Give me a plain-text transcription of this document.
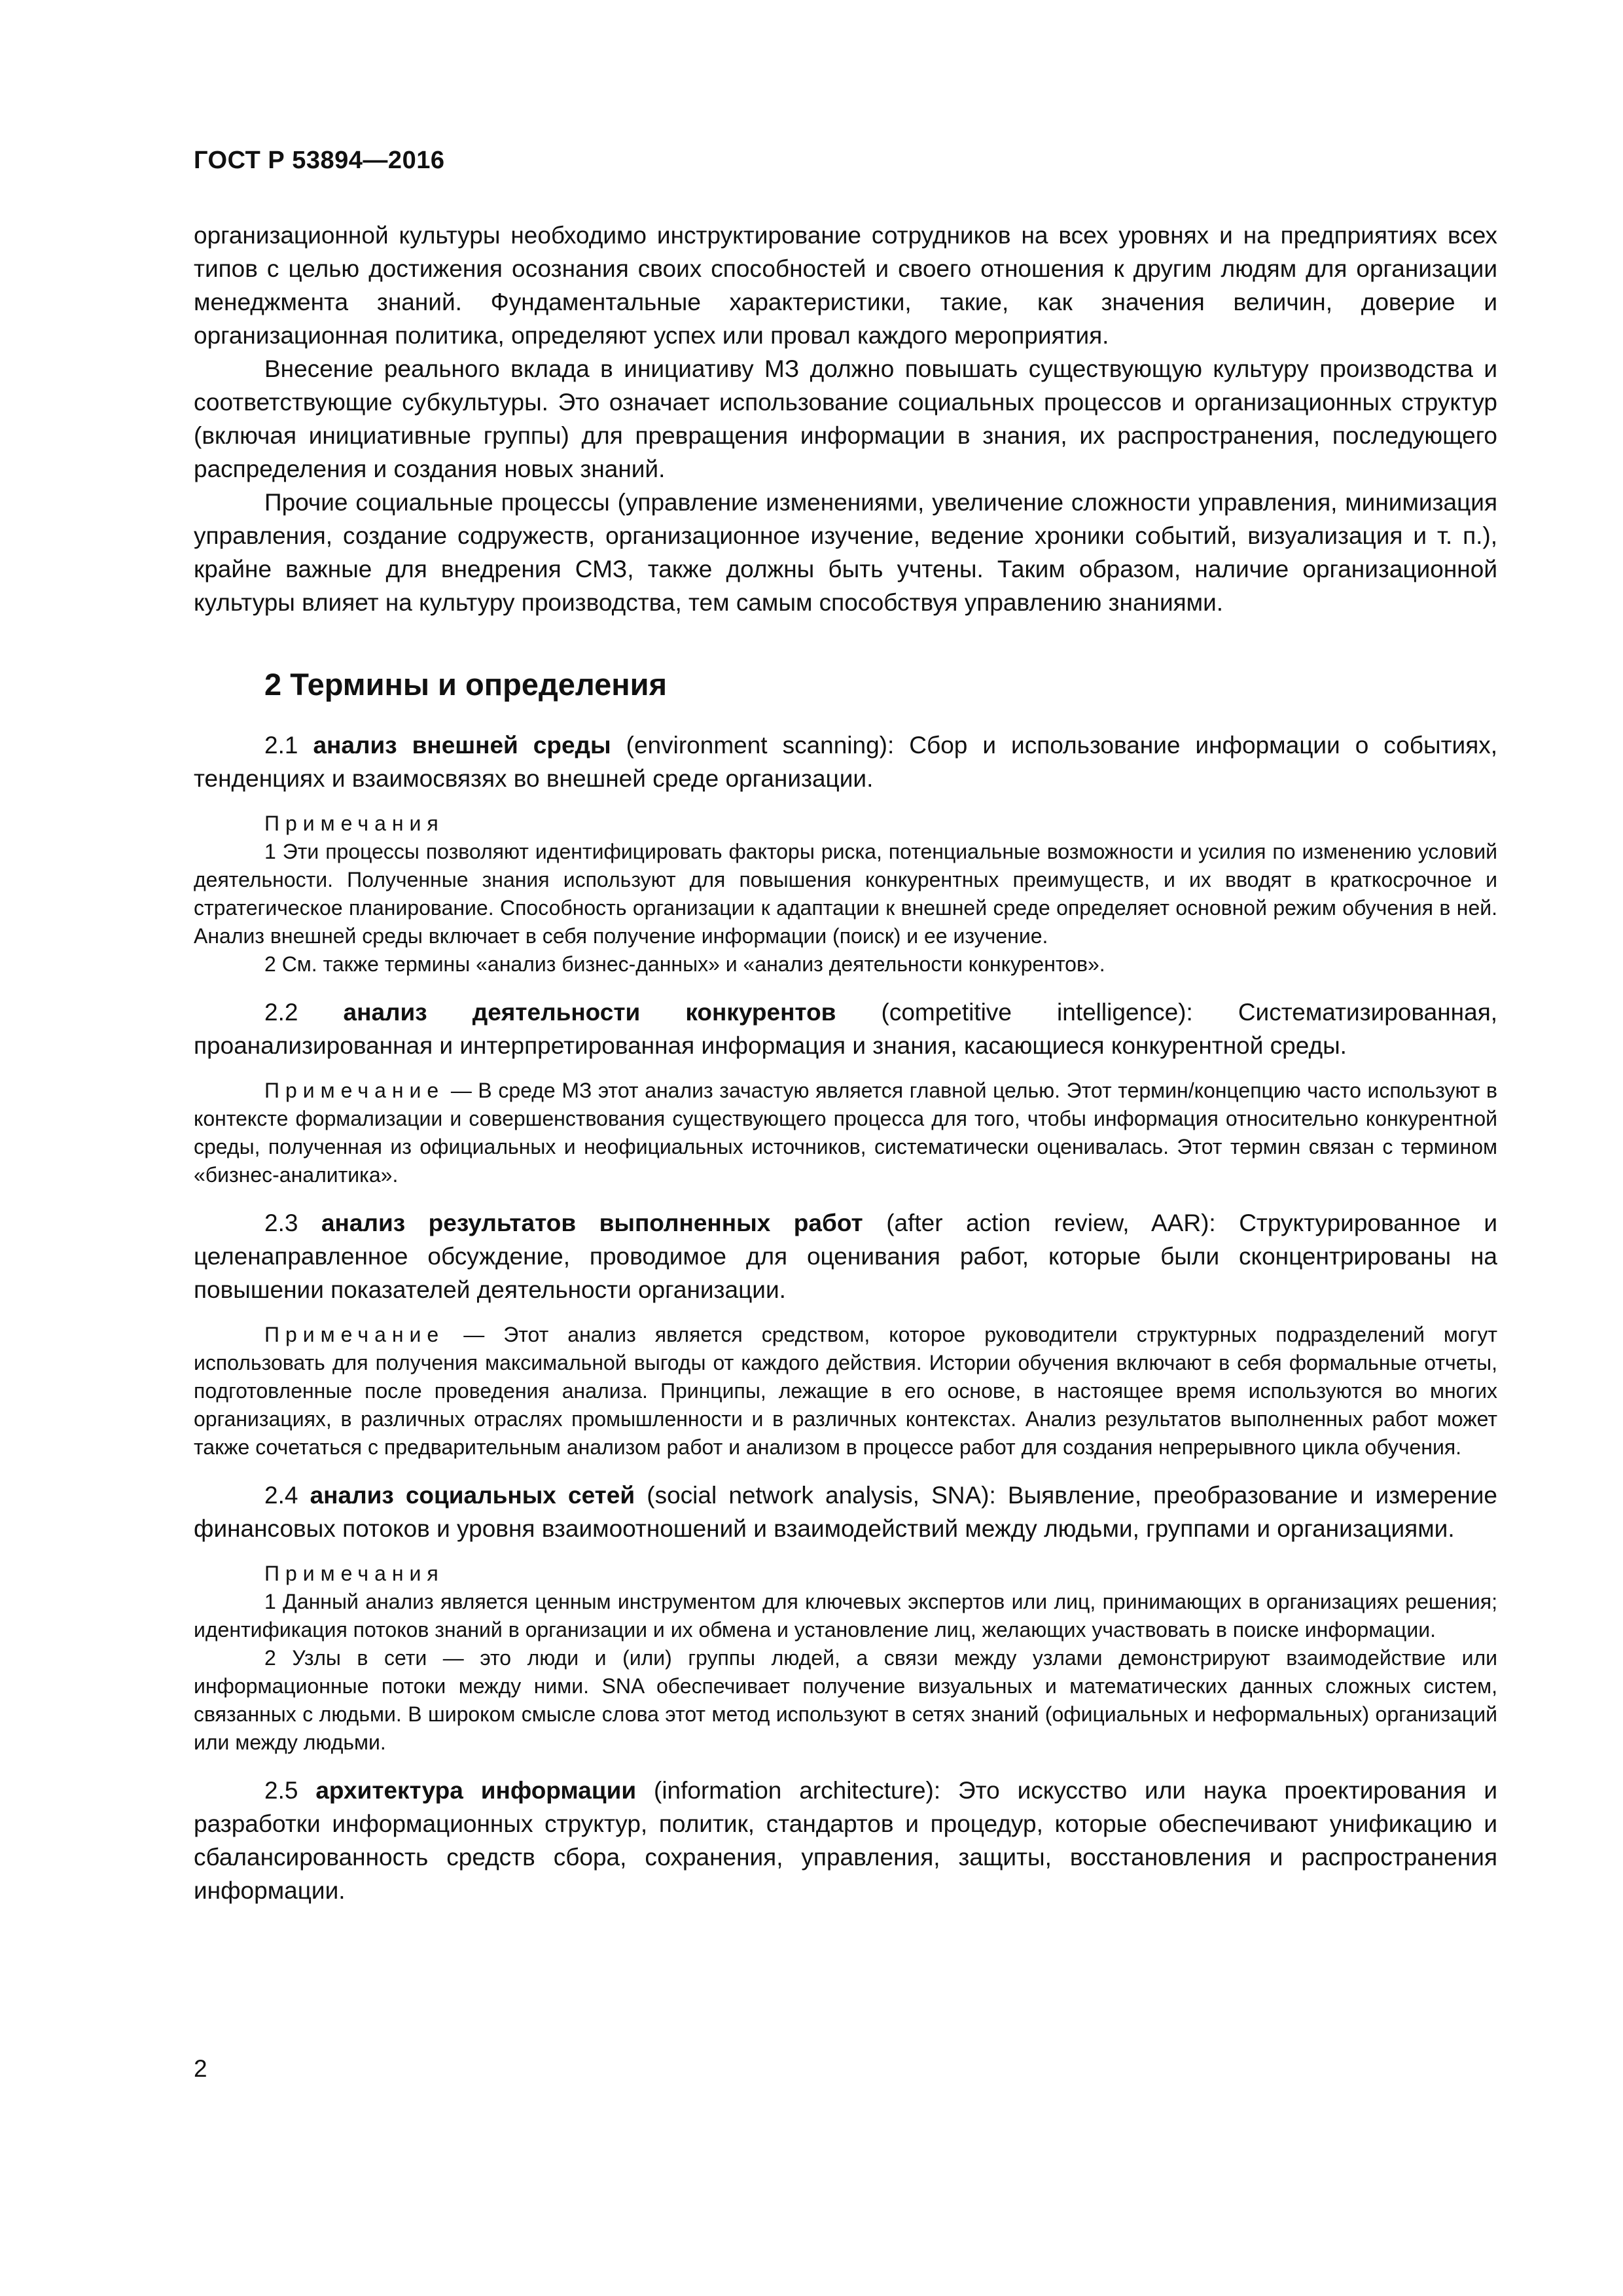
ГОСТ Р 53894—2016

организационной культуры необходимо инструктирование сотрудников на всех уровнях и на предприятиях всех типов с целью достижения осознания своих способностей и своего отношения к другим людям для организации менеджмента знаний. Фундаментальные характеристики, такие, как значения величин, доверие и организационная политика, определяют успех или провал каждого мероприятия.

Внесение реального вклада в инициативу МЗ должно повышать существующую культуру производства и соответствующие субкультуры. Это означает использование социальных процессов и организационных структур (включая инициативные группы) для превращения информации в знания, их распространения, последующего распределения и создания новых знаний.

Прочие социальные процессы (управление изменениями, увеличение сложности управления, минимизация управления, создание содружеств, организационное изучение, ведение хроники событий, визуализация и т. п.), крайне важные для внедрения СМЗ, также должны быть учтены. Таким образом, наличие организационной культуры влияет на культуру производства, тем самым способствуя управлению знаниями.

2 Термины и определения

2.1 анализ внешней среды (environment scanning): Сбор и использование информации о событиях, тенденциях и взаимосвязях во внешней среде организации.

Примечания
1 Эти процессы позволяют идентифицировать факторы риска, потенциальные возможности и усилия по изменению условий деятельности. Полученные знания используют для повышения конкурентных преимуществ, и их вводят в краткосрочное и стратегическое планирование. Способность организации к адаптации к внешней среде определяет основной режим обучения в ней. Анализ внешней среды включает в себя получение информации (поиск) и ее изучение.
2 См. также термины «анализ бизнес-данных» и «анализ деятельности конкурентов».

2.2 анализ деятельности конкурентов (competitive intelligence): Систематизированная, проанализированная и интерпретированная информация и знания, касающиеся конкурентной среды.

Примечание — В среде МЗ этот анализ зачастую является главной целью. Этот термин/концепцию часто используют в контексте формализации и совершенствования существующего процесса для того, чтобы информация относительно конкурентной среды, полученная из официальных и неофициальных источников, систематически оценивалась. Этот термин связан с термином «бизнес-аналитика».

2.3 анализ результатов выполненных работ (after action review, AAR): Структурированное и целенаправленное обсуждение, проводимое для оценивания работ, которые были сконцентрированы на повышении показателей деятельности организации.

Примечание — Этот анализ является средством, которое руководители структурных подразделений могут использовать для получения максимальной выгоды от каждого действия. Истории обучения включают в себя формальные отчеты, подготовленные после проведения анализа. Принципы, лежащие в его основе, в настоящее время используются во многих организациях, в различных отраслях промышленности и в различных контекстах. Анализ результатов выполненных работ может также сочетаться с предварительным анализом работ и анализом в процессе работ для создания непрерывного цикла обучения.

2.4 анализ социальных сетей (social network analysis, SNA): Выявление, преобразование и измерение финансовых потоков и уровня взаимоотношений и взаимодействий между людьми, группами и организациями.

Примечания
1 Данный анализ является ценным инструментом для ключевых экспертов или лиц, принимающих в организациях решения; идентификация потоков знаний в организации и их обмена и установление лиц, желающих участвовать в поиске информации.
2 Узлы в сети — это люди и (или) группы людей, а связи между узлами демонстрируют взаимодействие или информационные потоки между ними. SNA обеспечивает получение визуальных и математических данных сложных систем, связанных с людьми. В широком смысле слова этот метод используют в сетях знаний (официальных и неформальных) организаций или между людьми.

2.5 архитектура информации (information architecture): Это искусство или наука проектирования и разработки информационных структур, политик, стандартов и процедур, которые обеспечивают унификацию и сбалансированность средств сбора, сохранения, управления, защиты, восстановления и распространения информации.

2
